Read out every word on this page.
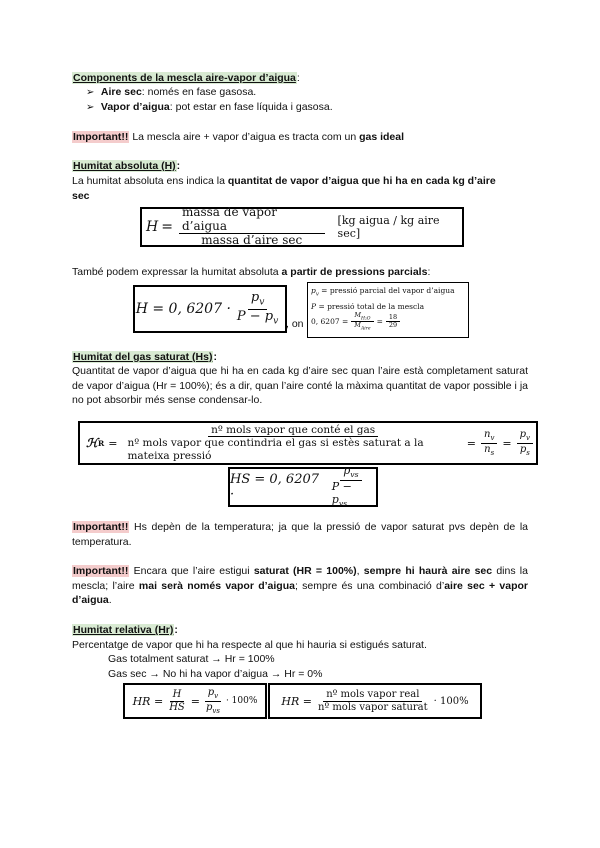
Components de la mescla aire-vapor d’aigua:
➢ Aire sec: només en fase gasosa.
➢ Vapor d’aigua: pot estar en fase líquida i gasosa.
Important!! La mescla aire + vapor d’aigua es tracta com un gas ideal
Humitat absoluta (H):
La humitat absoluta ens indica la quantitat de vapor d’aigua que hi ha en cada kg d’aire
sec
$H = \frac{\text{massa de vapor d’aigua}}{\text{massa d’aire sec}} [kg$ aigua / kg aire sec]
També podem expressar la humitat absoluta a partir de pressions parcials:
H = 0, $6207 \cdot \frac{p_v}{P - p_v}$ , on
$p_v$ = pressió parcial del vapor d’aigua
P = pressió total de la mescla
0, $6207 = \frac{M_{H_2O}}{M_{Aire}} = \frac{18}{29}$
Humitat del gas saturat (Hs):
Quantitat de vapor d’aigua que hi ha en cada kg d’aire sec quan l’aire està completament saturat de vapor d’aigua (Hr = 100%); és a dir, quan l’aire conté la màxima quantitat de vapor possible i ja no pot absorbir més sense condensar-lo.
ℋ R =
nº mols vapor que conté el gas
nº mols vapor que contindria el gas si estès saturat a la mateixa pressió
= $\frac{n_v}{n_s} = \frac{p_v}{p_s}$
HS = 0, 6207 ·	$\frac{p_{vs}}{P - p_{vs}}$
Important!! Hs depèn de la temperatura; ja que la pressió de vapor saturat pvs depèn de la temperatura.
Important!! Encara que l’aire estigui saturat (HR = 100%), sempre hi haurà aire sec dins la mescla; l’aire mai serà només vapor d’aigua; sempre és una combinació d’aire sec + vapor d’aigua.
Humitat relativa (Hr):
Percentatge de vapor que hi ha respecte al que hi hauria si estigués saturat.
Gas totalment saturat → Hr = 100%
Gas sec → No hi ha vapor d’aigua → Hr = 0%
HR = $\frac{H}{HS} = \frac{p_v}{p_{vs}} \cdot 100\%$ HR = $\frac{\text{nº mols vapor real}}{\text{nº mols vapor saturat}} \cdot 100\%$
